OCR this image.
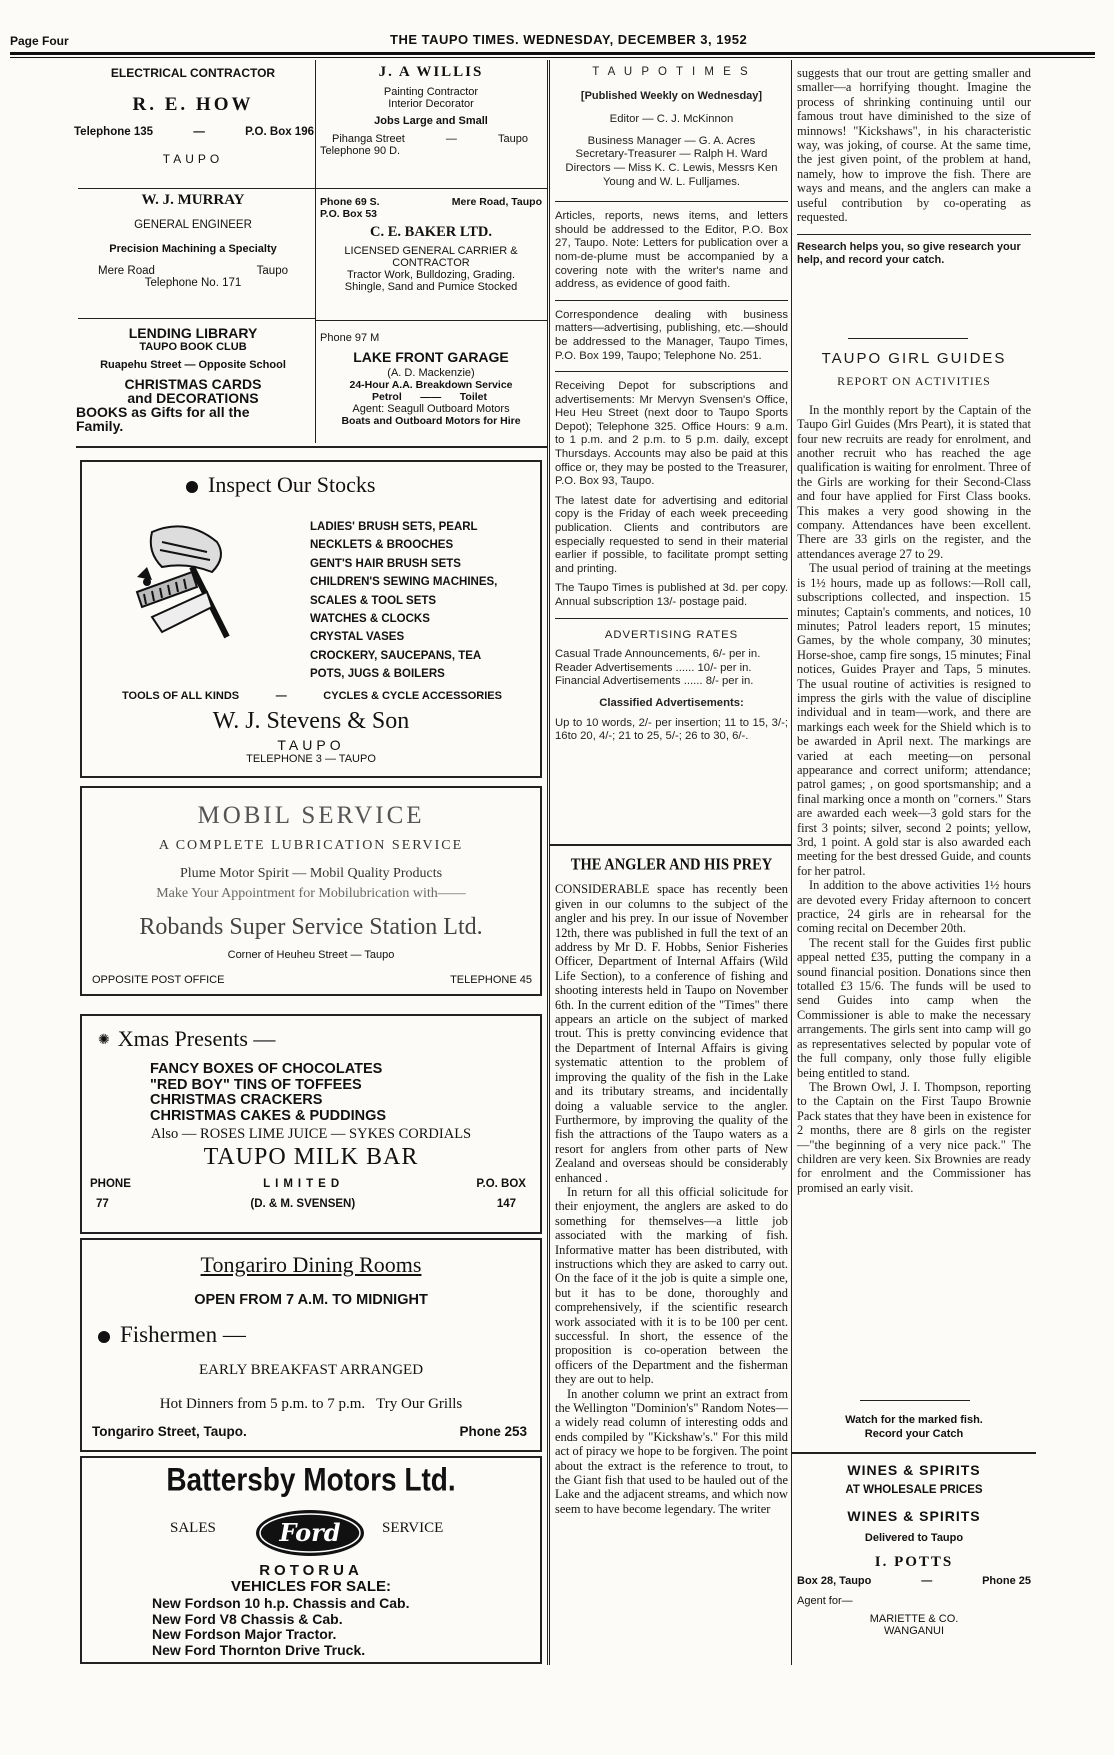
Page Four	THE TAUPO TIMES. WEDNESDAY, DECEMBER 3, 1952
ELECTRICAL CONTRACTOR
R. E. HOW
Telephone 135	—	P.O. Box 196
TAUPO
W. J. MURRAY
GENERAL ENGINEER
Precision Machining a Specialty
Mere Road	Taupo
Telephone No. 171
LENDING LIBRARY
TAUPO BOOK CLUB
Ruapehu Street — Opposite School
CHRISTMAS CARDS
and DECORATIONS
BOOKS as Gifts for all the
Family.
J. A WILLIS
Painting Contractor
Interior Decorator
Jobs Large and Small
Pihanga Street	—	Taupo
Telephone 90 D.
Phone 69 S.	Mere Road, Taupo
P.O. Box 53
C. E. BAKER LTD.
LICENSED GENERAL CARRIER &
CONTRACTOR
Tractor Work, Bulldozing, Grading.
Shingle, Sand and Pumice Stocked
Phone 97 M
LAKE FRONT GARAGE
(A. D. Mackenzie)
24-Hour A.A. Breakdown Service
Petrol —— Toilet
Agent: Seagull Outboard Motors
Boats and Outboard Motors for Hire
Inspect Our Stocks
LADIES' BRUSH SETS, PEARL
NECKLETS & BROOCHES
GENT'S HAIR BRUSH SETS
CHILDREN'S SEWING MACHINES,
SCALES & TOOL SETS
WATCHES & CLOCKS
CRYSTAL VASES
CROCKERY, SAUCEPANS, TEA
POTS, JUGS & BOILERS
TOOLS OF ALL KINDS	—	CYCLES & CYCLE ACCESSORIES
W. J. Stevens & Son
TAUPO
TELEPHONE 3 — TAUPO
MOBIL SERVICE
A COMPLETE LUBRICATION SERVICE
Plume Motor Spirit — Mobil Quality Products
Make Your Appointment for Mobilubrication with——
Robands Super Service Station Ltd.
Corner of Heuheu Street — Taupo
OPPOSITE POST OFFICE	TELEPHONE 45
✺ Xmas Presents —
FANCY BOXES OF CHOCOLATES
"RED BOY" TINS OF TOFFEES
CHRISTMAS CRACKERS
CHRISTMAS CAKES & PUDDINGS
Also — ROSES LIME JUICE — SYKES CORDIALS
TAUPO MILK BAR
PHONE	LIMITED	P.O. BOX
77	(D. & M. SVENSEN)	147
Tongariro Dining Rooms
OPEN FROM 7 A.M. TO MIDNIGHT
Fishermen —
EARLY BREAKFAST ARRANGED
Hot Dinners from 5 p.m. to 7 p.m.   Try Our Grills
Tongariro Street, Taupo.	Phone 253
Battersby Motors Ltd.
SALES	Ford	SERVICE
ROTORUA
VEHICLES FOR SALE:
New Fordson 10 h.p. Chassis and Cab.
New Ford V8 Chassis & Cab.
New Fordson Major Tractor.
New Ford Thornton Drive Truck.
T A U P O T I M E S
[Published Weekly on Wednesday]
Editor — C. J. McKinnon
Business Manager — G. A. Acres
Secretary-Treasurer — Ralph H. Ward
Directors — Miss K. C. Lewis, Messrs Ken Young and W. L. Fulljames.

Articles, reports, news items, and letters should be addressed to the Editor, P.O. Box 27, Taupo. Note: Letters for publication over a nom-de-plume must be accompanied by a covering note with the writer's name and address, as evidence of good faith.

Correspondence dealing with business matters—advertising, publishing, etc.—should be addressed to the Manager, Taupo Times, P.O. Box 199, Taupo; Telephone No. 251.

Receiving Depot for subscriptions and advertisements: Mr Mervyn Svensen's Office, Heu Heu Street (next door to Taupo Sports Depot); Telephone 325. Office Hours: 9 a.m. to 1 p.m. and 2 p.m. to 5 p.m. daily, except Thursdays. Accounts may also be paid at this office or, they may be posted to the Treasurer, P.O. Box 93, Taupo.

The latest date for advertising and editorial copy is the Friday of each week preceeding publication. Clients and contributors are especially requested to send in their material earlier if possible, to facilitate prompt setting and printing.

The Taupo Times is published at 3d. per copy. Annual subscription 13/- postage paid.

ADVERTISING RATES
Casual Trade Announcements, 6/- per in.
Reader Advertisements ...... 10/- per in.
Financial Advertisements ...... 8/- per in.
Classified Advertisements:

Up to 10 words, 2/- per insertion; 11 to 15, 3/-; 16to 20, 4/-; 21 to 25, 5/-; 26 to 30, 6/-.

THE ANGLER AND HIS PREY

CONSIDERABLE space has recently been given in our columns to the subject of the angler and his prey. In our issue of November 12th, there was published in full the text of an address by Mr D. F. Hobbs, Senior Fisheries Officer, Department of Internal Affairs (Wild Life Section), to a conference of fishing and shooting interests held in Taupo on November 6th. In the current edition of the "Times" there appears an article on the subject of marked trout. This is pretty convincing evidence that the Department of Internal Affairs is giving systematic attention to the problem of improving the quality of the fish in the Lake and its tributary streams, and incidentally doing a valuable service to the angler. Furthermore, by improving the quality of the fish the attractions of the Taupo waters as a resort for anglers from other parts of New Zealand and overseas should be considerably enhanced .

In return for all this official solicitude for their enjoyment, the anglers are asked to do something for themselves—a little job associated with the marking of fish. Informative matter has been distributed, with instructions which they are asked to carry out. On the face of it the job is quite a simple one, but it has to be done, thoroughly and comprehensively, if the scientific research work associated with it is to be 100 per cent. successful. In short, the essence of the proposition is co-operation between the officers of the Department and the fisherman they are out to help.

In another column we print an extract from the Wellington "Dominion's" Random Notes—a widely read column of interesting odds and ends compiled by "Kickshaw's." For this mild act of piracy we hope to be forgiven. The point about the extract is the reference to trout, to the Giant fish that used to be hauled out of the Lake and the adjacent streams, and which now seem to have become legendary. The writer

suggests that our trout are getting smaller and smaller—a horrifying thought. Imagine the process of shrinking continuing until our famous trout have diminished to the size of minnows! "Kickshaws", in his characteristic way, was joking, of course. At the same time, the jest given point, of the problem at hand, namely, how to improve the fish. There are ways and means, and the anglers can make a useful contribution by co-operating as requested.

Research helps you, so give research your help, and record your catch.
TAUPO GIRL GUIDES
REPORT ON ACTIVITIES

In the monthly report by the Captain of the Taupo Girl Guides (Mrs Peart), it is stated that four new recruits are ready for enrolment, and another recruit who has reached the age qualification is waiting for enrolment. Three of the Girls are working for their Second-Class and four have applied for First Class books. This makes a very good showing in the company. Attendances have been excellent. There are 33 girls on the register, and the attendances average 27 to 29.

The usual period of training at the meetings is 1½ hours, made up as follows:—Roll call, subscriptions collected, and inspection. 15 minutes; Captain's comments, and notices, 10 minutes; Patrol leaders report, 15 minutes; Games, by the whole company, 30 minutes; Horse-shoe, camp fire songs, 15 minutes; Final notices, Guides Prayer and Taps, 5 minutes. The usual routine of activities is resigned to impress the girls with the value of discipline individual and in team—work, and there are markings each week for the Shield which is to be awarded in April next. The markings are varied at each meeting—on personal appearance and correct uniform; attendance; patrol games; , on good sportsmanship; and a final marking once a month on "corners." Stars are awarded each week—3 gold stars for the first 3 points; silver, second 2 points; yellow, 3rd, 1 point. A gold star is also awarded each meeting for the best dressed Guide, and counts for her patrol.

In addition to the above activities 1½ hours are devoted every Friday afternoon to concert practice, 24 girls are in rehearsal for the coming recital on December 20th.

The recent stall for the Guides first public appeal netted £35, putting the company in a sound financial position. Donations since then totalled £3 15/6. The funds will be used to send Guides into camp when the Commissioner is able to make the necessary arrangements. The girls sent into camp will go as representatives selected by popular vote of the full company, only those fully eligible being entitled to stand.

The Brown Owl, J. I. Thompson, reporting to the Captain on the First Taupo Brownie Pack states that they have been in existence for 2 months, there are 8 girls on the register—"the beginning of a very nice pack." The children are very keen. Six Brownies are ready for enrolment and the Commissioner has promised an early visit.

Watch for the marked fish.
Record your Catch
WINES & SPIRITS
AT WHOLESALE PRICES
WINES & SPIRITS
Delivered to Taupo
I. POTTS
Box 28, Taupo	—	Phone 25
Agent for—
MARIETTE & CO.
WANGANUI
